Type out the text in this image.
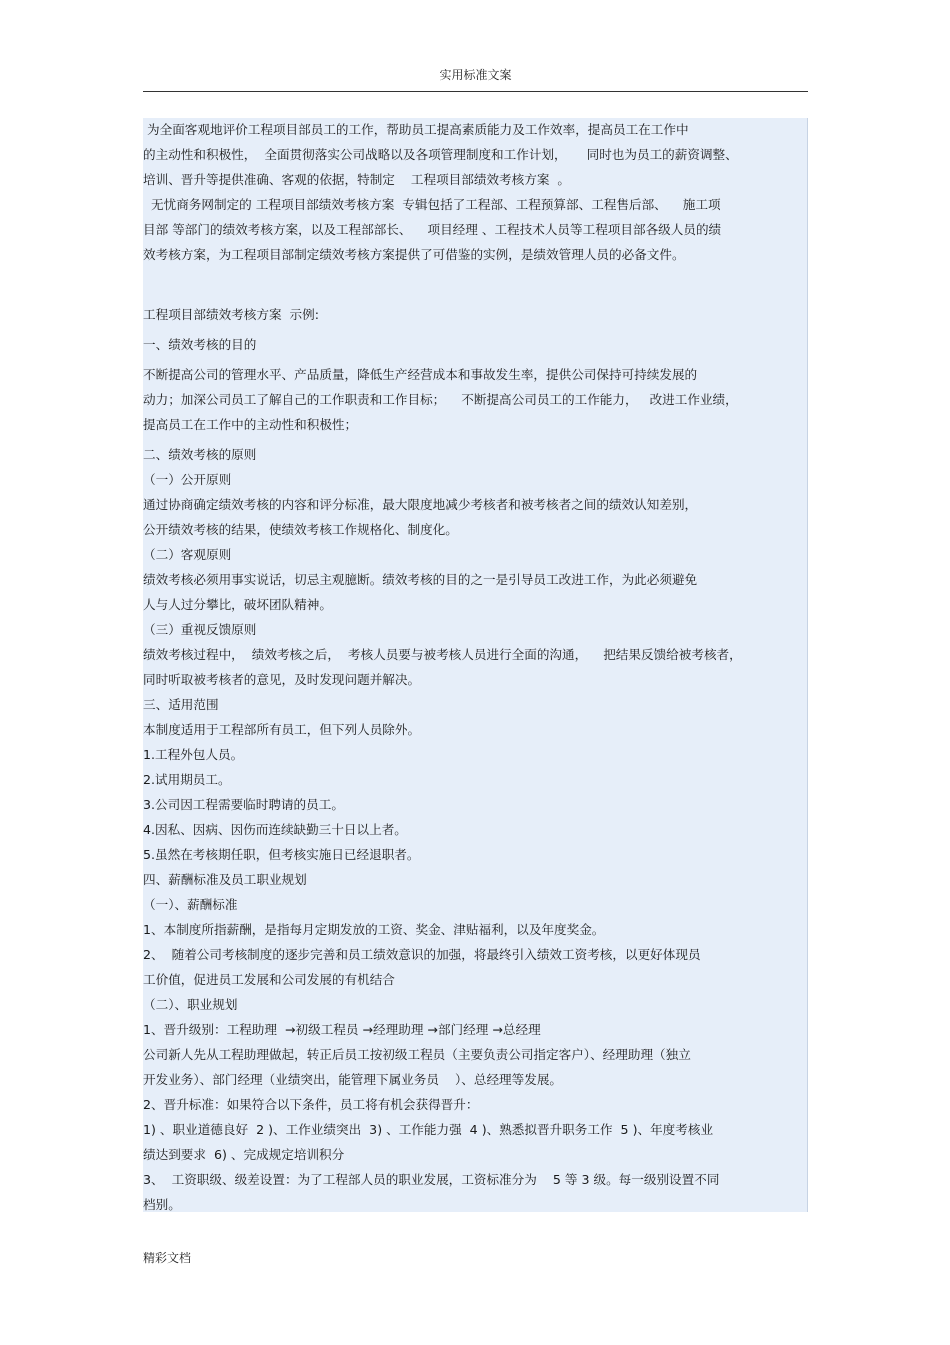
实用标准文案
为全面客观地评价工程项目部员工的工作，帮助员工提高素质能力及工作效率，提高员工在工作中
的主动性和积极性，  全面贯彻落实公司战略以及各项管理制度和工作计划，     同时也为员工的薪资调整、
培训、晋升等提供准确、客观的依据，特制定    工程项目部绩效考核方案  。
无忧商务网制定的 工程项目部绩效考核方案  专辑包括了工程部、工程预算部、工程售后部、    施工项
目部 等部门的绩效考核方案，以及工程部部长、    项目经理 、工程技术人员等工程项目部各级人员的绩
效考核方案，为工程项目部制定绩效考核方案提供了可借鉴的实例，是绩效管理人员的必备文件。
工程项目部绩效考核方案  示例:
一、绩效考核的目的
不断提高公司的管理水平、产品质量，降低生产经营成本和事故发生率，提供公司保持可持续发展的
动力；加深公司员工了解自己的工作职责和工作目标；    不断提高公司员工的工作能力，   改进工作业绩，
提高员工在工作中的主动性和积极性；
二、绩效考核的原则
（一）公开原则
通过协商确定绩效考核的内容和评分标准，最大限度地减少考核者和被考核者之间的绩效认知差别，
公开绩效考核的结果，使绩效考核工作规格化、制度化。
（二）客观原则
绩效考核必须用事实说话，切忌主观臆断。绩效考核的目的之一是引导员工改进工作，为此必须避免
人与人过分攀比，破坏团队精神。
（三）重视反馈原则
绩效考核过程中，  绩效考核之后，  考核人员要与被考核人员进行全面的沟通，    把结果反馈给被考核者，
同时听取被考核者的意见，及时发现问题并解决。
三、适用范围
本制度适用于工程部所有员工，但下列人员除外。
1.工程外包人员。
2.试用期员工。
3.公司因工程需要临时聘请的员工。
4.因私、因病、因伤而连续缺勤三十日以上者。
5.虽然在考核期任职，但考核实施日已经退职者。
四、薪酬标准及员工职业规划
（一）、薪酬标准
1、本制度所指薪酬，是指每月定期发放的工资、奖金、津贴福利，以及年度奖金。
2、  随着公司考核制度的逐步完善和员工绩效意识的加强，将最终引入绩效工资考核，以更好体现员
工价值，促进员工发展和公司发展的有机结合
（二）、职业规划
1、晋升级别：工程助理  →初级工程员 →经理助理 →部门经理 →总经理
公司新人先从工程助理做起，转正后员工按初级工程员（主要负责公司指定客户）、经理助理（独立
开发业务）、部门经理（业绩突出，能管理下属业务员    ）、总经理等发展。
2、晋升标准：如果符合以下条件，员工将有机会获得晋升：
1) 、职业道德良好  2 )、工作业绩突出  3) 、工作能力强  4 )、熟悉拟晋升职务工作  5 )、年度考核业
绩达到要求  6) 、完成规定培训积分
3、  工资职级、级差设置：为了工程部人员的职业发展，工资标准分为    5 等 3 级。每一级别设置不同
档别。
精彩文档
